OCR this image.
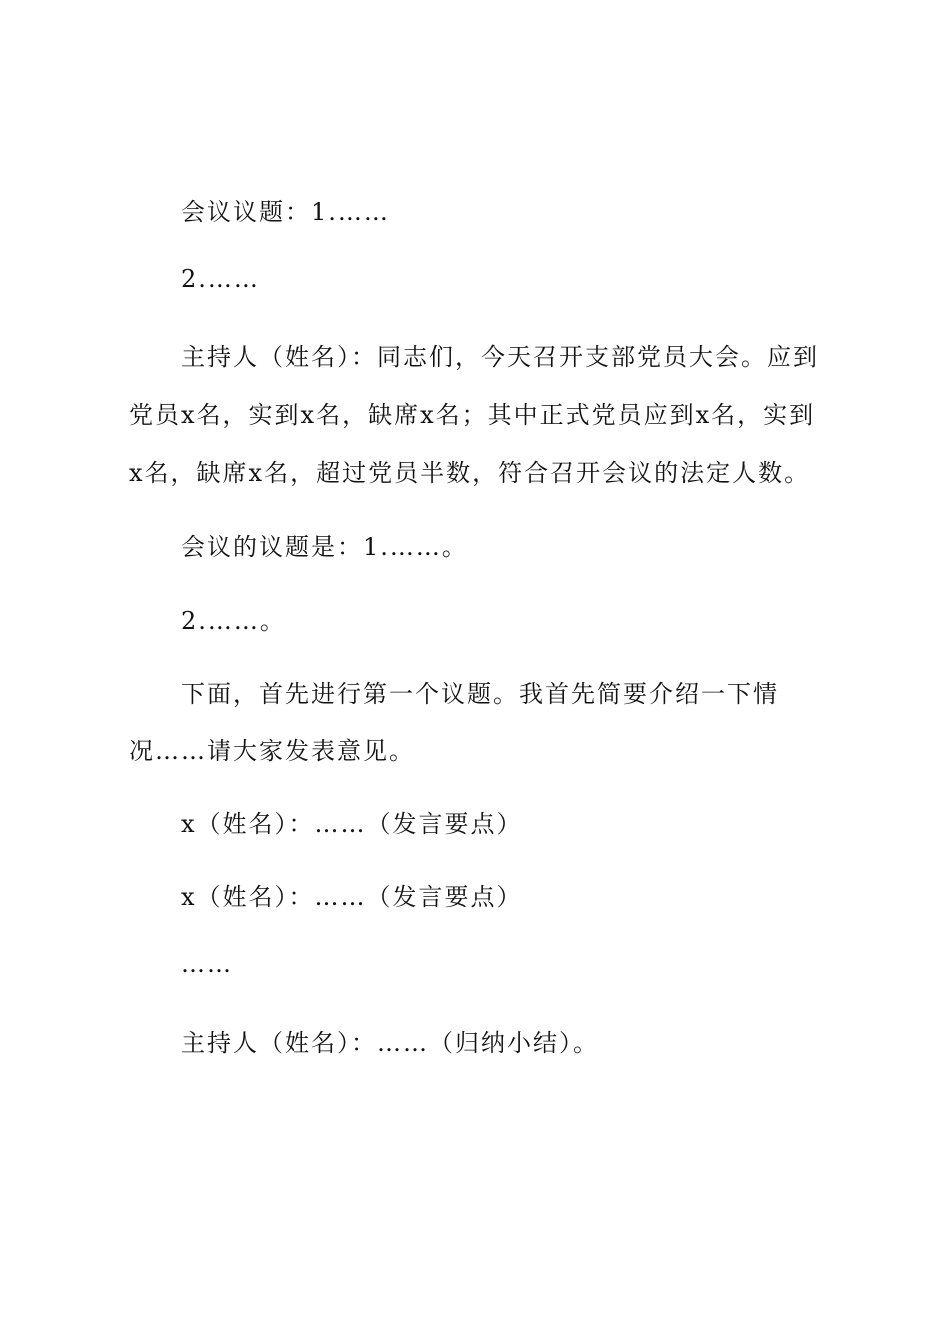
会议议题：1.……
2.……
主持人（姓名）：同志们，今天召开支部党员大会。应到
党员x名，实到x名，缺席x名；其中正式党员应到x名，实到
x名，缺席x名，超过党员半数，符合召开会议的法定人数。
会议的议题是：1.……。
2.……。
下面，首先进行第一个议题。我首先简要介绍一下情
况……请大家发表意见。
x（姓名）：……（发言要点）
x（姓名）：……（发言要点）
……
主持人（姓名）：……（归纳小结）。
